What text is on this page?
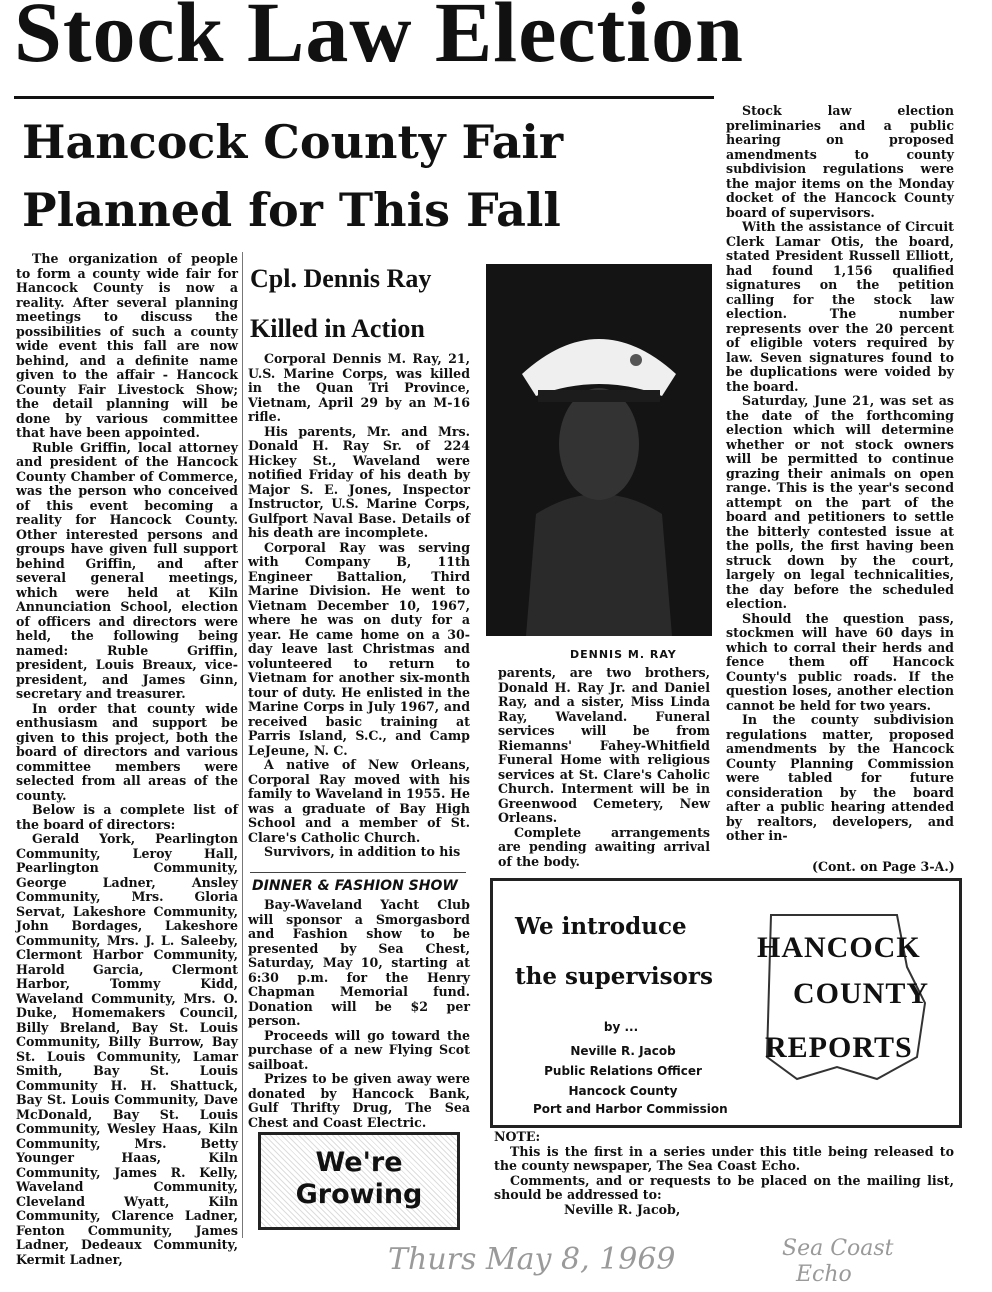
Stock Law Election
Hancock County Fair
Planned for This Fall

The organization of people to form a county wide fair for Hancock County is now a reality. After several planning meetings to discuss the possibilities of such a county wide event this fall are now behind, and a definite name given to the affair - Hancock County Fair Livestock Show; the detail planning will be done by various committee that have been appointed.

Ruble Griffin, local attorney and president of the Hancock County Chamber of Commerce, was the person who conceived of this event becoming a reality for Hancock County. Other interested persons and groups have given full support behind Griffin, and after several general meetings, which were held at Kiln Annunciation School, election of officers and directors were held, the following being named: Ruble Griffin, president, Louis Breaux, vice-president, and James Ginn, secretary and treasurer.

In order that county wide enthusiasm and support be given to this project, both the board of directors and various committee members were selected from all areas of the county.

Below is a complete list of the board of directors:

Gerald York, Pearlington Community, Leroy Hall, Pearlington Community, George Ladner, Ansley Community, Mrs. Gloria Servat, Lakeshore Community, John Bordages, Lakeshore Community, Mrs. J. L. Saleeby, Clermont Harbor Community, Harold Garcia, Clermont Harbor, Tommy Kidd, Waveland Community, Mrs. O. Duke, Homemakers Council, Billy Breland, Bay St. Louis Community, Billy Burrow, Bay St. Louis Community, Lamar Smith, Bay St. Louis Community H. H. Shattuck, Bay St. Louis Community, Dave McDonald, Bay St. Louis Community, Wesley Haas, Kiln Community, Mrs. Betty Younger Haas, Kiln Community, James R. Kelly, Waveland Community, Cleveland Wyatt, Kiln Community, Clarence Ladner, Fenton Community, James Ladner, Dedeaux Community, Kermit Ladner,

Cpl. Dennis Ray
Killed in Action

Corporal Dennis M. Ray, 21, U.S. Marine Corps, was killed in the Quan Tri Province, Vietnam, April 29 by an M-16 rifle.

His parents, Mr. and Mrs. Donald H. Ray Sr. of 224 Hickey St., Waveland were notified Friday of his death by Major S. E. Jones, Inspector Instructor, U.S. Marine Corps, Gulfport Naval Base. Details of his death are incomplete.

Corporal Ray was serving with Company B, 11th Engineer Battalion, Third Marine Division. He went to Vietnam December 10, 1967, where he was on duty for a year. He came home on a 30-day leave last Christmas and volunteered to return to Vietnam for another six-month tour of duty. He enlisted in the Marine Corps in July 1967, and received basic training at Parris Island, S.C., and Camp LeJeune, N. C.

A native of New Orleans, Corporal Ray moved with his family to Waveland in 1955. He was a graduate of Bay High School and a member of St. Clare's Catholic Church.

Survivors, in addition to his

DINNER & FASHION SHOW

Bay-Waveland Yacht Club will sponsor a Smorgasbord and Fashion show to be presented by Sea Chest, Saturday, May 10, starting at 6:30 p.m. for the Henry Chapman Memorial fund. Donation will be $2 per person.

Proceeds will go toward the purchase of a new Flying Scot sailboat.

Prizes to be given away were donated by Hancock Bank, Gulf Thrifty Drug, The Sea Chest and Coast Electric.

We're
Growing
DENNIS M. RAY

parents, are two brothers, Donald H. Ray Jr. and Daniel Ray, and a sister, Miss Linda Ray, Waveland. Funeral services will be from Riemanns' Fahey-Whitfield Funeral Home with religious services at St. Clare's Caholic Church. Interment will be in Greenwood Cemetery, New Orleans.

Complete arrangements are pending awaiting arrival of the body.

Stock law election preliminaries and a public hearing on proposed amendments to county subdivision regulations were the major items on the Monday docket of the Hancock County board of supervisors.

With the assistance of Circuit Clerk Lamar Otis, the board, stated President Russell Elliott, had found 1,156 qualified signatures on the petition calling for the stock law election. The number represents over the 20 percent of eligible voters required by law. Seven signatures found to be duplications were voided by the board.

Saturday, June 21, was set as the date of the forthcoming election which will determine whether or not stock owners will be permitted to continue grazing their animals on open range. This is the year's second attempt on the part of the board and petitioners to settle the bitterly contested issue at the polls, the first having been struck down by the court, largely on legal technicalities, the day before the scheduled election.

Should the question pass, stockmen will have 60 days in which to corral their herds and fence them off Hancock County's public roads. If the question loses, another election cannot be held for two years.

In the county subdivision regulations matter, proposed amendments by the Hancock County Planning Commission were tabled for future consideration by the board after a public hearing attended by realtors, developers, and other in-

(Cont. on Page 3-A.)
We introduce
the supervisors
by ...
Neville R. Jacob
Public Relations Officer
Hancock County
Port and Harbor Commission
HANCOCK
COUNTY
REPORTS

NOTE:

This is the first in a series under this title being released to the county newspaper, The Sea Coast Echo.

Comments, and or requests to be placed on the mailing list, should be addressed to:

Neville R. Jacob,

Thurs May 8, 1969	Sea Coast
Echo
